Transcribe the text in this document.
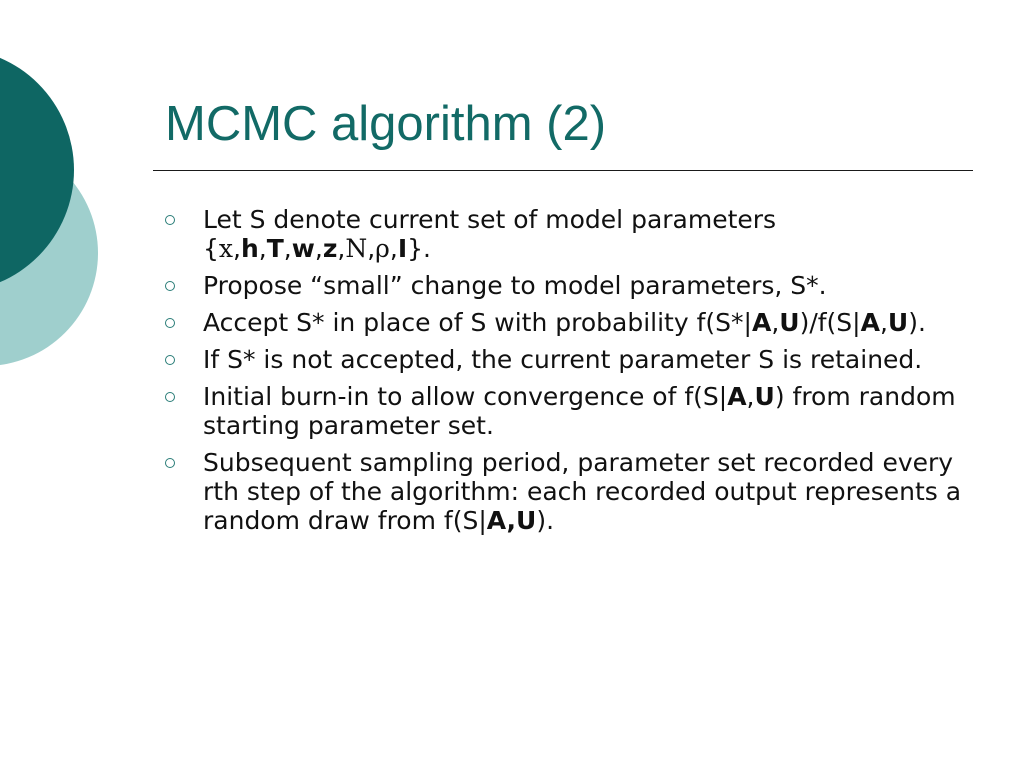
MCMC algorithm (2)
Let S denote current set of model parameters {x,h,T,w,z,N,ρ,I}.
Propose “small” change to model parameters, S*.
Accept S* in place of S with probability f(S*|A,U)/f(S|A,U).
If S* is not accepted, the current parameter S is retained.
Initial burn-in to allow convergence of f(S|A,U) from random starting parameter set.
Subsequent sampling period, parameter set recorded every rth step of the algorithm: each recorded output represents a random draw from f(S|A,U).
